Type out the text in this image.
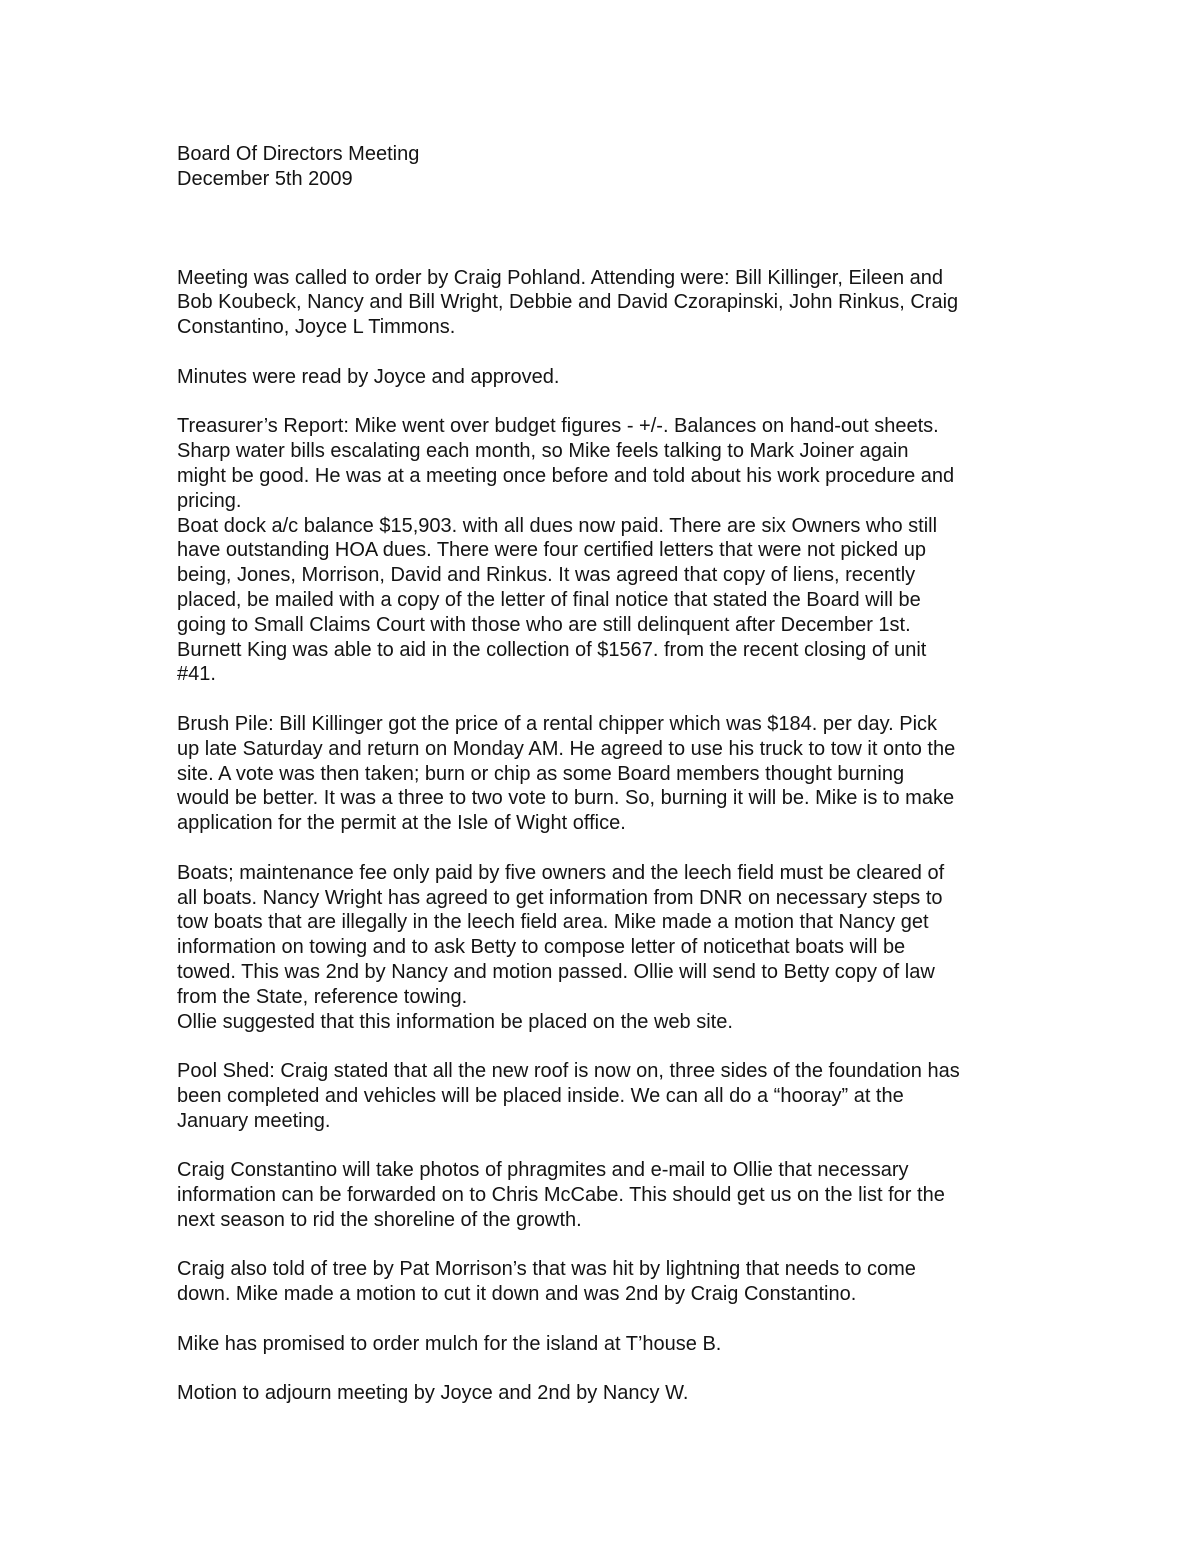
Board Of Directors Meeting
December 5th 2009
Meeting was called to order by Craig Pohland. Attending were: Bill Killinger, Eileen and
Bob Koubeck, Nancy and Bill Wright, Debbie and David Czorapinski, John Rinkus, Craig
Constantino, Joyce L Timmons.
Minutes were read by Joyce and approved.
Treasurer’s Report: Mike went over budget figures - +/-. Balances on hand-out sheets.
Sharp water bills escalating each month, so Mike feels talking to Mark Joiner again
might be good. He was at a meeting once before and told about his work procedure and
pricing.
Boat dock a/c balance $15,903. with all dues now paid. There are six Owners who still
have outstanding HOA dues. There were four certified letters that were not picked up
being, Jones, Morrison, David and Rinkus. It was agreed that copy of liens, recently
placed, be mailed with a copy of the letter of final notice that stated the Board will be
going to Small Claims Court with those who are still delinquent after December 1st.
Burnett King was able to aid in the collection of $1567. from the recent closing of unit
#41.
Brush Pile: Bill Killinger got the price of a rental chipper which was $184. per day. Pick
up late Saturday and return on Monday AM. He agreed to use his truck to tow it onto the
site. A vote was then taken; burn or chip as some Board members thought burning
would be better. It was a three to two vote to burn. So, burning it will be. Mike is to make
application for the permit at the Isle of Wight office.
Boats; maintenance fee only paid by five owners and the leech field must be cleared of
all boats. Nancy Wright has agreed to get information from DNR on necessary steps to
tow boats that are illegally in the leech field area. Mike made a motion that Nancy get
information on towing and to ask Betty to compose letter of noticethat boats will be
towed. This was 2nd by Nancy and motion passed. Ollie will send to Betty copy of law
from the State, reference towing.
Ollie suggested that this information be placed on the web site.
Pool Shed: Craig stated that all the new roof is now on, three sides of the foundation has
been completed and vehicles will be placed inside. We can all do a “hooray” at the
January meeting.
Craig Constantino will take photos of phragmites and e-mail to Ollie that necessary
information can be forwarded on to Chris McCabe. This should get us on the list for the
next season to rid the shoreline of the growth.
Craig also told of tree by Pat Morrison’s that was hit by lightning that needs to come
down. Mike made a motion to cut it down and was 2nd by Craig Constantino.
Mike has promised to order mulch for the island at T’house B.
Motion to adjourn meeting by Joyce and 2nd by Nancy W.
